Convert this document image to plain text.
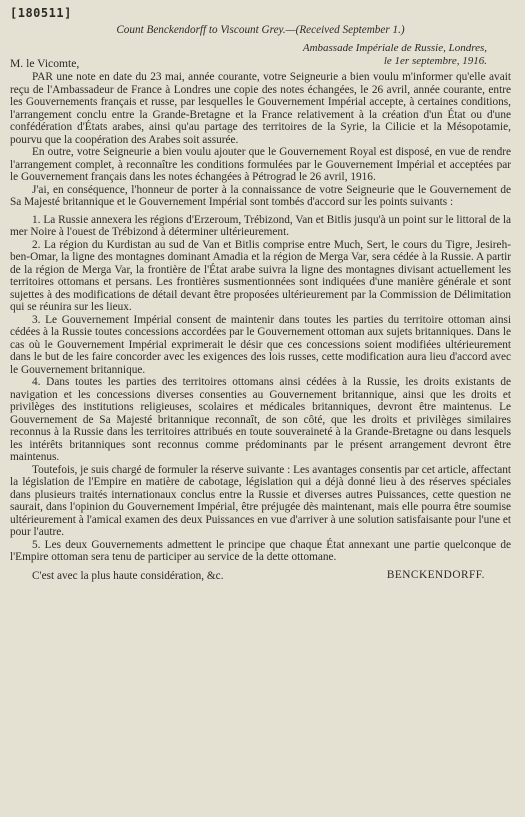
[180511]
Count Benckendorff to Viscount Grey.—(Received September 1.)
Ambassade Impériale de Russie, Londres,
le 1er septembre, 1916.
M. le Vicomte,

PAR une note en date du 23 mai, année courante, votre Seigneurie a bien voulu m'informer qu'elle avait reçu de l'Ambassadeur de France à Londres une copie des notes échangées, le 26 avril, année courante, entre les Gouvernements français et russe, par lesquelles le Gouvernement Impérial accepte, à certaines conditions, l'arrangement conclu entre la Grande-Bretagne et la France relativement à la création d'un État ou d'une confédération d'États arabes, ainsi qu'au partage des territoires de la Syrie, la Cilicie et la Mésopotamie, pourvu que la coopération des Arabes soit assurée.

En outre, votre Seigneurie a bien voulu ajouter que le Gouvernement Royal est disposé, en vue de rendre l'arrangement complet, à reconnaître les conditions formulées par le Gouvernement Impérial et acceptées par le Gouvernement français dans les notes échangées à Pétrograd le 26 avril, 1916.

J'ai, en conséquence, l'honneur de porter à la connaissance de votre Seigneurie que le Gouvernement de Sa Majesté britannique et le Gouvernement Impérial sont tombés d'accord sur les points suivants :

1. La Russie annexera les régions d'Erzeroum, Trébizond, Van et Bitlis jusqu'à un point sur le littoral de la mer Noire à l'ouest de Trébizond à déterminer ultérieurement.

2. La région du Kurdistan au sud de Van et Bitlis comprise entre Much, Sert, le cours du Tigre, Jesireh-ben-Omar, la ligne des montagnes dominant Amadia et la région de Merga Var, sera cédée à la Russie. A partir de la région de Merga Var, la frontière de l'État arabe suivra la ligne des montagnes divisant actuellement les territoires ottomans et persans. Les frontières susmentionnées sont indiquées d'une manière générale et sont sujettes à des modifications de détail devant être proposées ultérieurement par la Commission de Délimitation qui se réunira sur les lieux.

3. Le Gouvernement Impérial consent de maintenir dans toutes les parties du territoire ottoman ainsi cédées à la Russie toutes concessions accordées par le Gouvernement ottoman aux sujets britanniques. Dans le cas où le Gouvernement Impérial exprimerait le désir que ces concessions soient modifiées ultérieurement dans le but de les faire concorder avec les exigences des lois russes, cette modification aura lieu d'accord avec le Gouvernement britannique.

4. Dans toutes les parties des territoires ottomans ainsi cédées à la Russie, les droits existants de navigation et les concessions diverses consenties au Gouvernement britannique, ainsi que les droits et privilèges des institutions religieuses, scolaires et médicales britanniques, devront être maintenus. Le Gouvernement de Sa Majesté britannique reconnaît, de son côté, que les droits et privilèges similaires reconnus à la Russie dans les territoires attribués en toute souveraineté à la Grande-Bretagne ou dans lesquels les intérêts britanniques sont reconnus comme prédominants par le présent arrangement devront être maintenus.

Toutefois, je suis chargé de formuler la réserve suivante : Les avantages consentis par cet article, affectant la législation de l'Empire en matière de cabotage, législation qui a déjà donné lieu à des réserves spéciales dans plusieurs traités internationaux conclus entre la Russie et diverses autres Puissances, cette question ne saurait, dans l'opinion du Gouvernement Impérial, être préjugée dès maintenant, mais elle pourra être soumise ultérieurement à l'amical examen des deux Puissances en vue d'arriver à une solution satisfaisante pour l'une et pour l'autre.

5. Les deux Gouvernements admettent le principe que chaque État annexant une partie quelconque de l'Empire ottoman sera tenu de participer au service de la dette ottomane.

C'est avec la plus haute considération, &c.	BENCKENDORFF.
